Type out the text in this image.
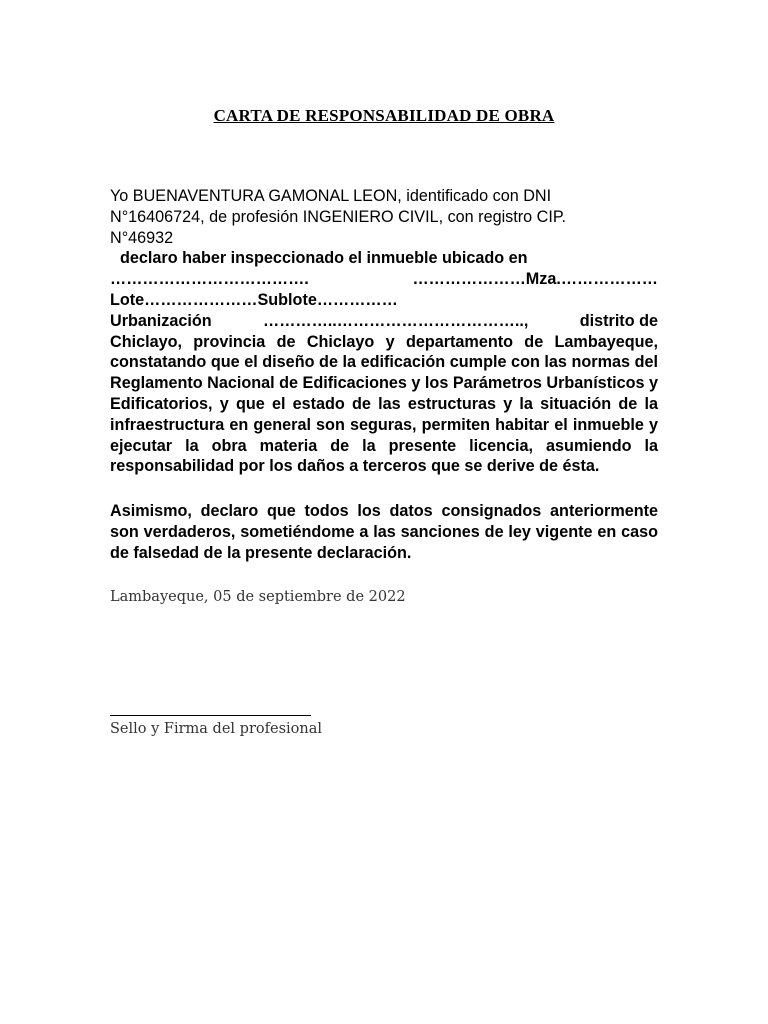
CARTA DE RESPONSABILIDAD DE OBRA
Yo BUENAVENTURA GAMONAL LEON, identificado con DNI
N°16406724, de profesión INGENIERO CIVIL, con registro CIP.
N°46932
declaro haber inspeccionado el inmueble ubicado en
……………………………….	…………………Mza.………………
Lote…………………Sublote……………
Urbanización	…………..……………………………..,	distrito de
Chiclayo, provincia de Chiclayo y departamento de Lambayeque, constatando que el diseño de la edificación cumple con las normas del Reglamento Nacional de Edificaciones y los Parámetros Urbanísticos y Edificatorios, y que el estado de las estructuras y la situación de la infraestructura en general son seguras, permiten habitar el inmueble y ejecutar la obra materia de la presente licencia, asumiendo la responsabilidad por los daños a terceros que se derive de ésta.
Asimismo, declaro que todos los datos consignados anteriormente son verdaderos, sometiéndome a las sanciones de ley vigente en caso de falsedad de la presente declaración.
Lambayeque, 05 de septiembre de 2022
Sello y Firma del profesional
